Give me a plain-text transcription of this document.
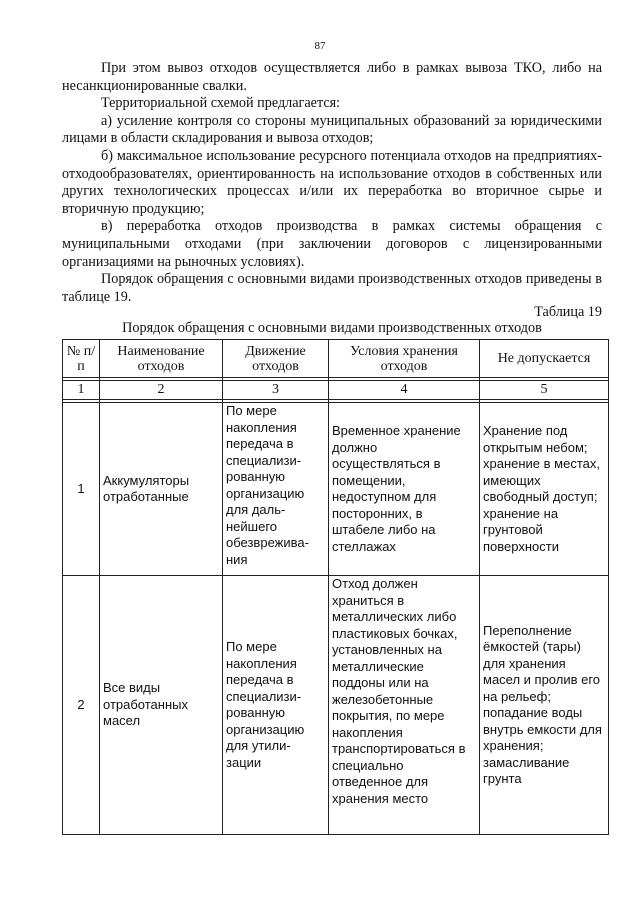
87

При этом вывоз отходов осуществляется либо в рамках вывоза ТКО, либо на несанкционированные свалки.

Территориальной схемой предлагается:

а) усиление контроля со стороны муниципальных образований за юридическими лицами в области складирования и вывоза отходов;

б) максимальное использование ресурсного потенциала отходов на предприятиях-отходообразователях, ориентированность на использование отходов в собственных или других технологических процессах и/или их переработка во вторичное сырье и вторичную продукцию;

в) переработка отходов производства в рамках системы обращения с муниципальными отходами (при заключении договоров с лицензированными организациями на рыночных условиях).

Порядок обращения с основными видами производственных отходов приведены в таблице 19.

Таблица 19
Порядок обращения с основными видами производственных отходов
№ п/п	Наименование отходов	Движение отходов	Условия хранения отходов	Не допускается

1	2	3	4	5

1	Аккумуляторы отработанные	По мере накопления передача в специализи-рованную организацию для даль-нейшего обезврежива-ния	Временное хранение должно осуществляться в помещении, недоступном для посторонних, в штабеле либо на стеллажах	Хранение под открытым небом; хранение в местах, имеющих свободный доступ; хранение на грунтовой поверхности
2	Все виды отработанных масел	По мере накопления передача в специализи-рованную организацию для утили-зации	Отход должен храниться в металлических либо пластиковых бочках, установленных на металлические поддоны или на железобетонные покрытия, по мере накопления транспортироваться в специально отведенное для хранения место	Переполнение ёмкостей (тары) для хранения масел и пролив его на рельеф; попадание воды внутрь емкости для хранения; замасливание грунта
